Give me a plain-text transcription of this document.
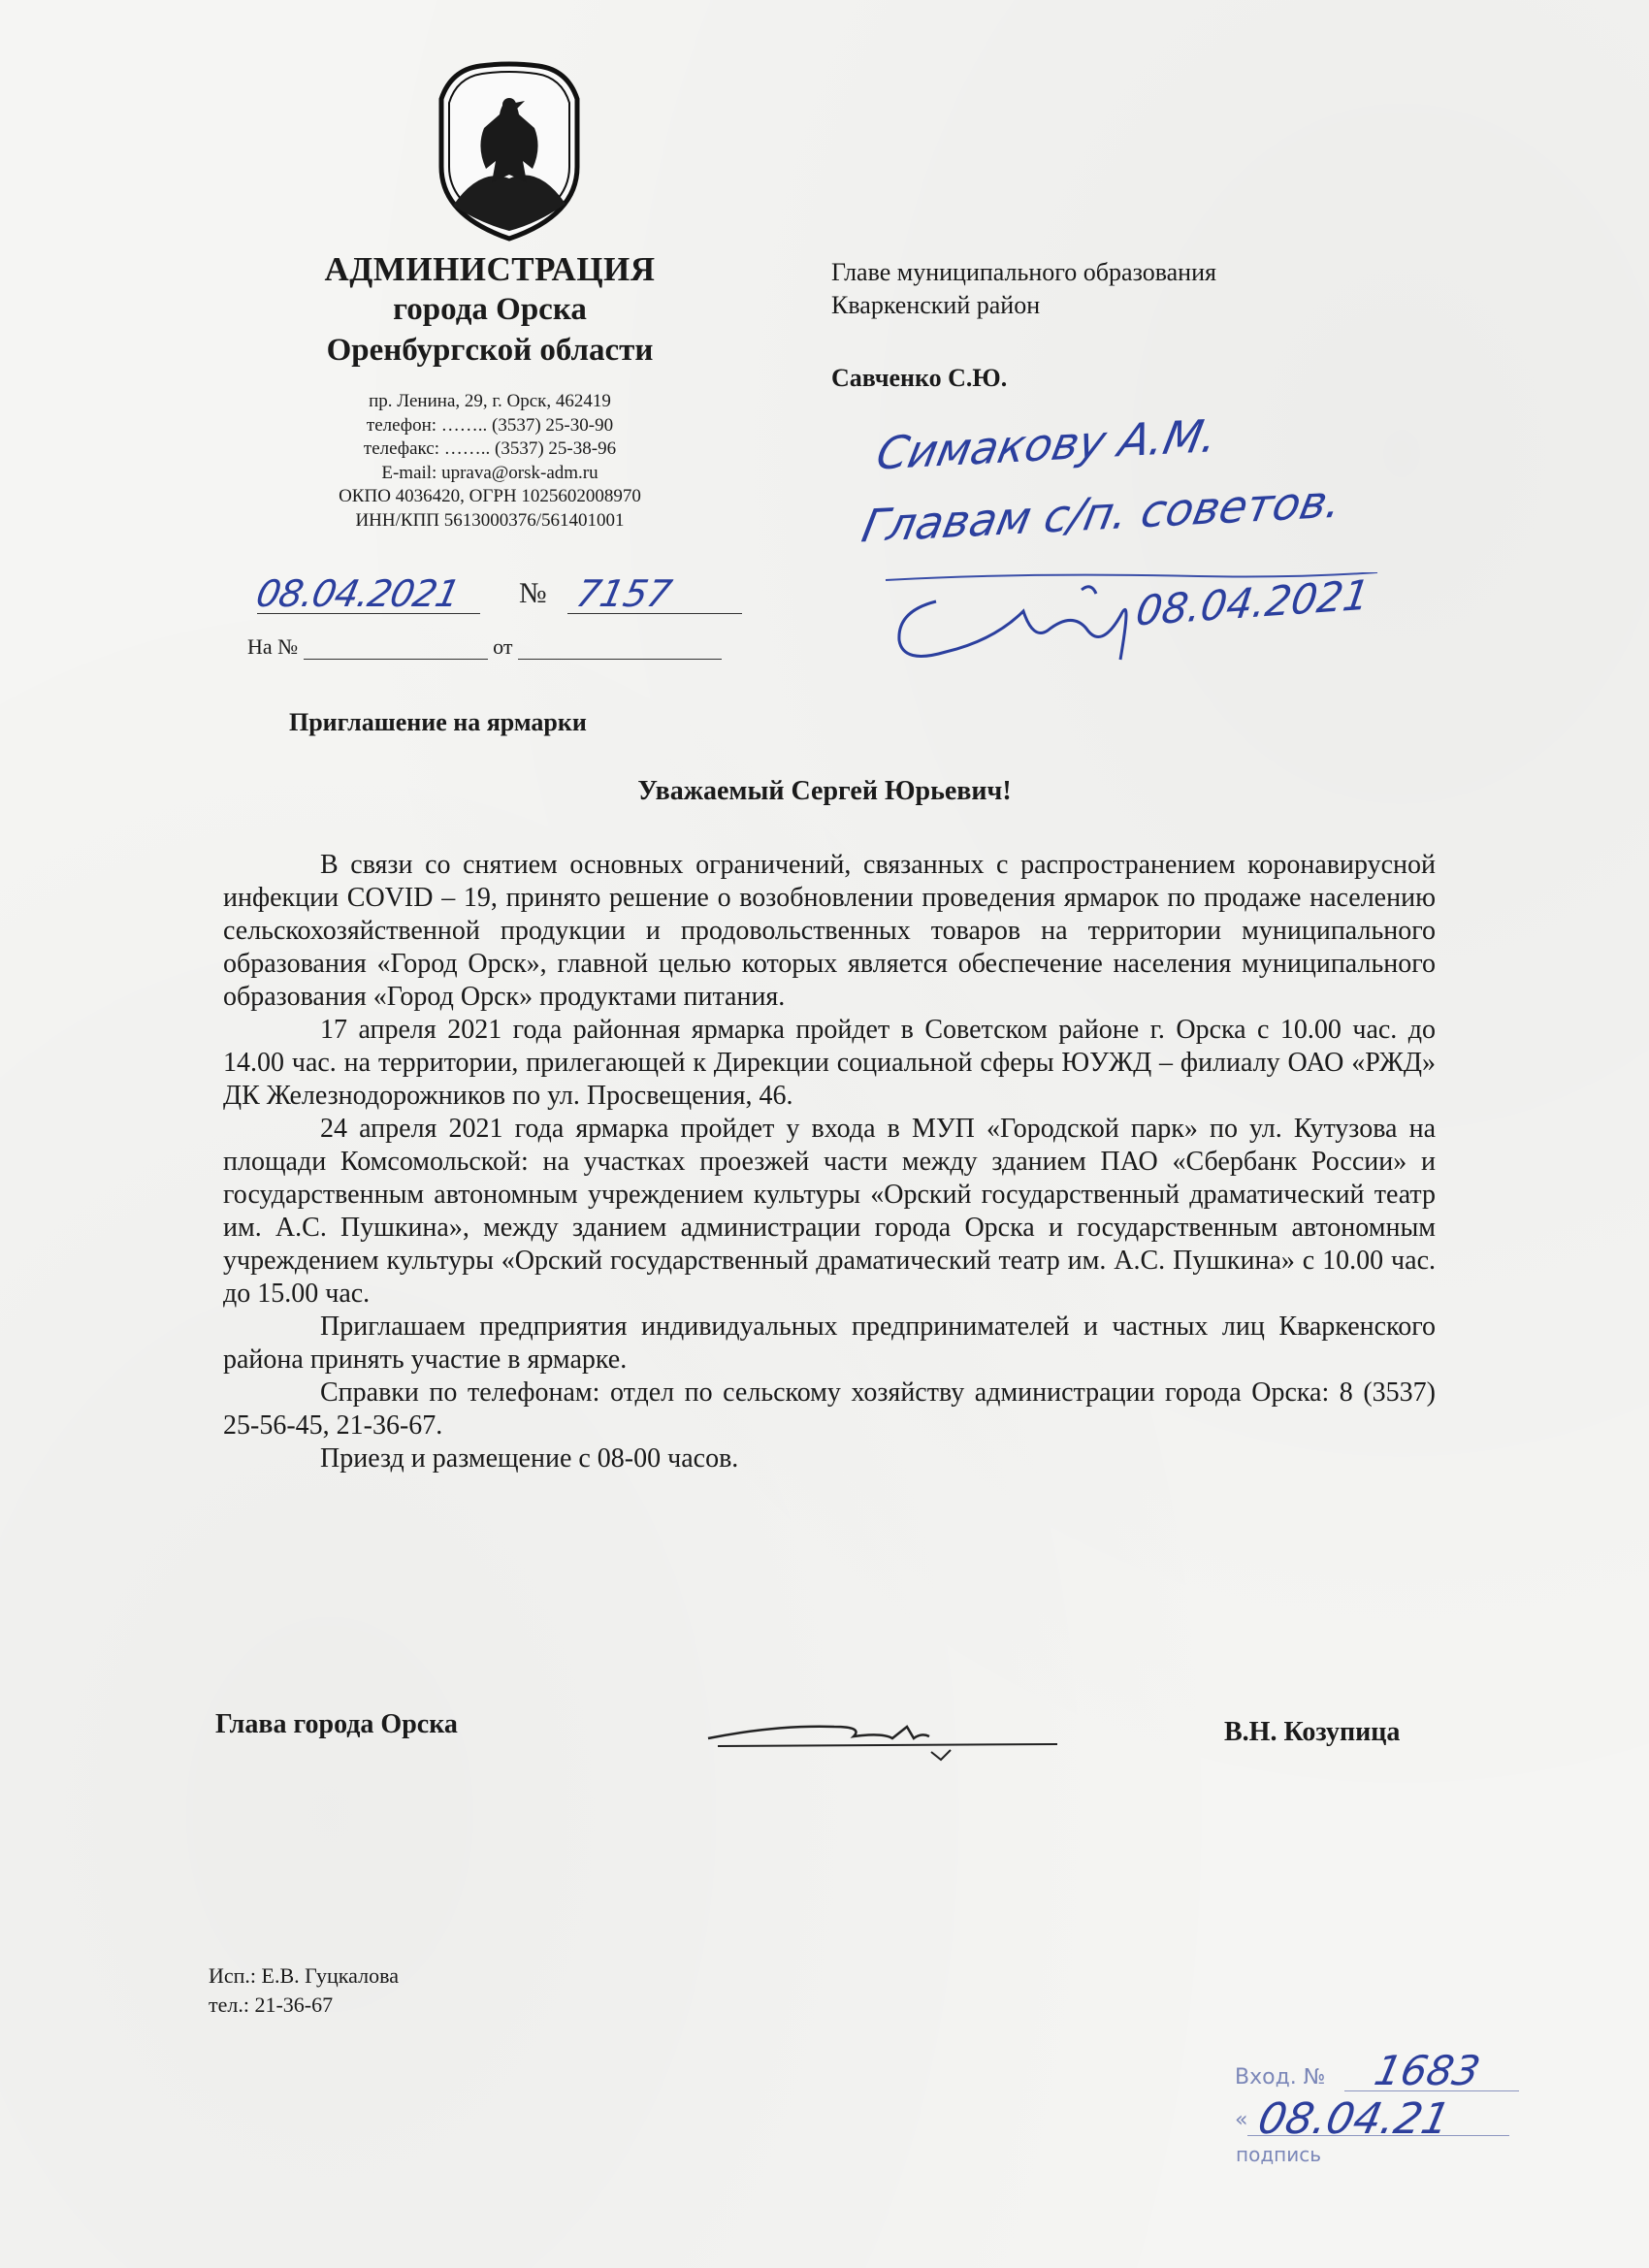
АДМИНИСТРАЦИЯ
города Орска
Оренбургской области
пр. Ленина, 29, г. Орск, 462419
телефон: …….. (3537) 25-30-90
телефакс: …….. (3537) 25-38-96
E-mail: uprava@orsk-adm.ru
ОКПО 4036420, ОГРН 1025602008970
ИНН/КПП 5613000376/561401001
08.04.2021 № 7157
На №	от
Главе муниципального образования
Кваркенский район
Савченко С.Ю.
Симакову А.М.
Главам с/п. советов.
08.04.2021
Приглашение на ярмарки
Уважаемый Сергей Юрьевич!

В связи со снятием основных ограничений, связанных с распространением коронавирусной инфекции COVID – 19, принято решение о возобновлении проведения ярмарок по продаже населению сельскохозяйственной продукции и продовольственных товаров на территории муниципального образования «Город Орск», главной целью которых является обеспечение населения муниципального образования «Город Орск» продуктами питания.

17 апреля 2021 года районная ярмарка пройдет в Советском районе г. Орска с 10.00 час. до 14.00 час. на территории, прилегающей к Дирекции социальной сферы ЮУЖД – филиалу ОАО «РЖД» ДК Железнодорожников по ул. Просвещения, 46.

24 апреля 2021 года ярмарка пройдет у входа в МУП «Городской парк» по ул. Кутузова на площади Комсомольской: на участках проезжей части между зданием ПАО «Сбербанк России» и государственным автономным учреждением культуры «Орский государственный драматический театр им. А.С. Пушкина», между зданием администрации города Орска и государственным автономным учреждением культуры «Орский государственный драматический театр им. А.С. Пушкина» с 10.00 час. до 15.00 час.

Приглашаем предприятия индивидуальных предпринимателей и частных лиц Кваркенского района принять участие в ярмарке.

Справки по телефонам: отдел по сельскому хозяйству администрации города Орска: 8 (3537) 25-56-45, 21-36-67.

Приезд и размещение с 08-00 часов.

Глава города Орска	В.Н. Козупица
Исп.: Е.В. Гуцкалова
тел.: 21-36-67
Вход. № 1683
« 08.04.21
подпись
